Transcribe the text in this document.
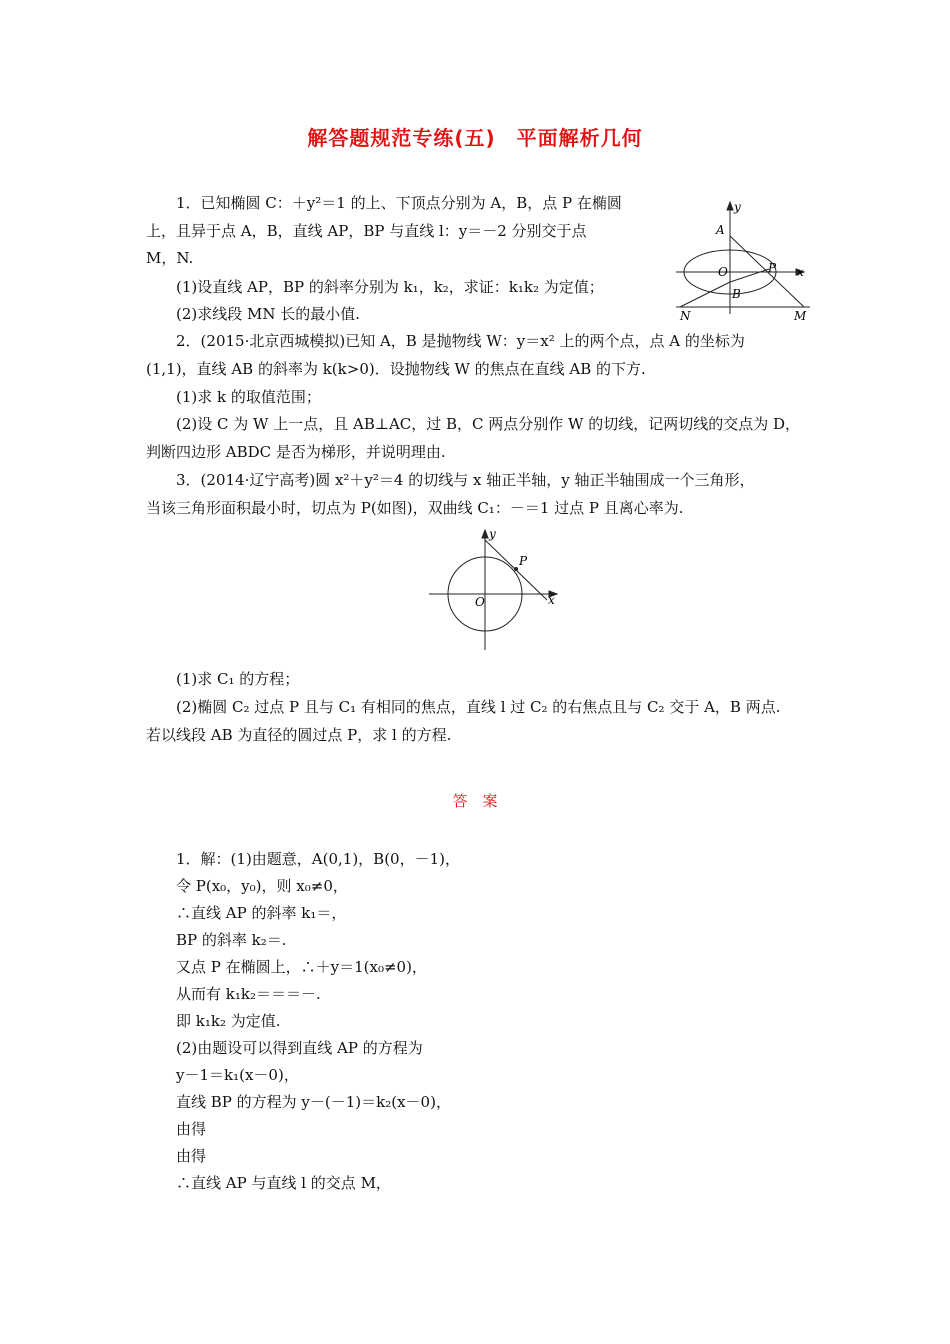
解答题规范专练(五)　平面解析几何
1．已知椭圆 C：＋y²＝1 的上、下顶点分别为 A，B，点 P 在椭圆
上，且异于点 A，B，直线 AP，BP 与直线 l：y＝－2 分别交于点
M，N.
(1)设直线 AP，BP 的斜率分别为 k₁，k₂，求证：k₁k₂ 为定值；
(2)求线段 MN 长的最小值.
y
A
O	P x
B
N	M
2．(2015·北京西城模拟)已知 A，B 是抛物线 W：y＝x² 上的两个点，点 A 的坐标为
(1,1)，直线 AB 的斜率为 k(k>0)．设抛物线 W 的焦点在直线 AB 的下方.
(1)求 k 的取值范围；
(2)设 C 为 W 上一点，且 AB⊥AC，过 B，C 两点分别作 W 的切线，记两切线的交点为 D，
判断四边形 ABDC 是否为梯形，并说明理由.
3．(2014·辽宁高考)圆 x²＋y²＝4 的切线与 x 轴正半轴，y 轴正半轴围成一个三角形，
当该三角形面积最小时，切点为 P(如图)，双曲线 C₁：－＝1 过点 P 且离心率为.
y
P
O	x
(1)求 C₁ 的方程；
(2)椭圆 C₂ 过点 P 且与 C₁ 有相同的焦点，直线 l 过 C₂ 的右焦点且与 C₂ 交于 A，B 两点.
若以线段 AB 为直径的圆过点 P，求 l 的方程.
答　案
1．解：(1)由题意，A(0,1)，B(0，－1)，
令 P(x₀，y₀)，则 x₀≠0，
∴直线 AP 的斜率 k₁＝，
BP 的斜率 k₂＝.
又点 P 在椭圆上，∴＋y＝1(x₀≠0)，
从而有 k₁k₂＝＝＝－.
即 k₁k₂ 为定值.
(2)由题设可以得到直线 AP 的方程为
y－1＝k₁(x－0)，
直线 BP 的方程为 y－(－1)＝k₂(x－0)，
由得
由得
∴直线 AP 与直线 l 的交点 M，
